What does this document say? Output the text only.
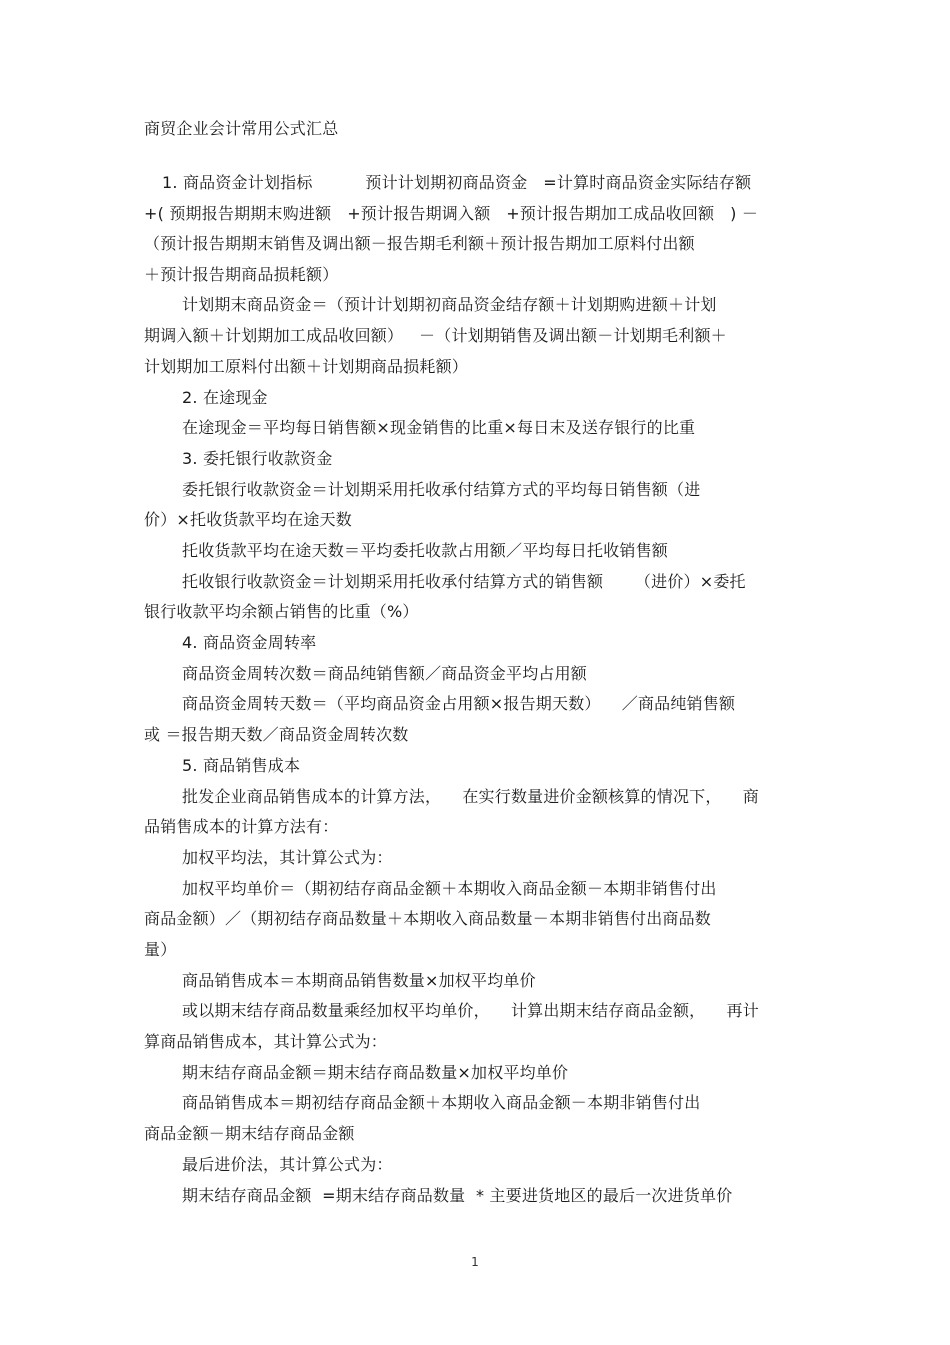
商贸企业会计常用公式汇总
1. 商品资金计划指标          预计计划期初商品资金   =计算时商品资金实际结存额
+( 预期报告期期末购进额   +预计报告期调入额   +预计报告期加工成品收回额   ) －
（预计报告期期末销售及调出额－报告期毛利额＋预计报告期加工原料付出额
＋预计报告期商品损耗额）
计划期末商品资金＝（预计计划期初商品资金结存额＋计划期购进额＋计划
期调入额＋计划期加工成品收回额）   －（计划期销售及调出额－计划期毛利额＋
计划期加工原料付出额＋计划期商品损耗额）
2. 在途现金
在途现金＝平均每日销售额×现金销售的比重×每日末及送存银行的比重
3. 委托银行收款资金
委托银行收款资金＝计划期采用托收承付结算方式的平均每日销售额（进
价）×托收货款平均在途天数
托收货款平均在途天数＝平均委托收款占用额／平均每日托收销售额
托收银行收款资金＝计划期采用托收承付结算方式的销售额      （进价）×委托
银行收款平均余额占销售的比重（%）
4. 商品资金周转率
商品资金周转次数＝商品纯销售额／商品资金平均占用额
商品资金周转天数＝（平均商品资金占用额×报告期天数）    ／商品纯销售额
或 ＝报告期天数／商品资金周转次数
5. 商品销售成本
批发企业商品销售成本的计算方法，    在实行数量进价金额核算的情况下，    商
品销售成本的计算方法有：
加权平均法，其计算公式为：
加权平均单价＝（期初结存商品金额＋本期收入商品金额－本期非销售付出
商品金额）／（期初结存商品数量＋本期收入商品数量－本期非销售付出商品数
量）
商品销售成本＝本期商品销售数量×加权平均单价
或以期末结存商品数量乘经加权平均单价，    计算出期末结存商品金额，    再计
算商品销售成本，其计算公式为：
期末结存商品金额＝期末结存商品数量×加权平均单价
商品销售成本＝期初结存商品金额＋本期收入商品金额－本期非销售付出
商品金额－期末结存商品金额
最后进价法，其计算公式为：
期末结存商品金额  =期末结存商品数量  * 主要进货地区的最后一次进货单价
1
